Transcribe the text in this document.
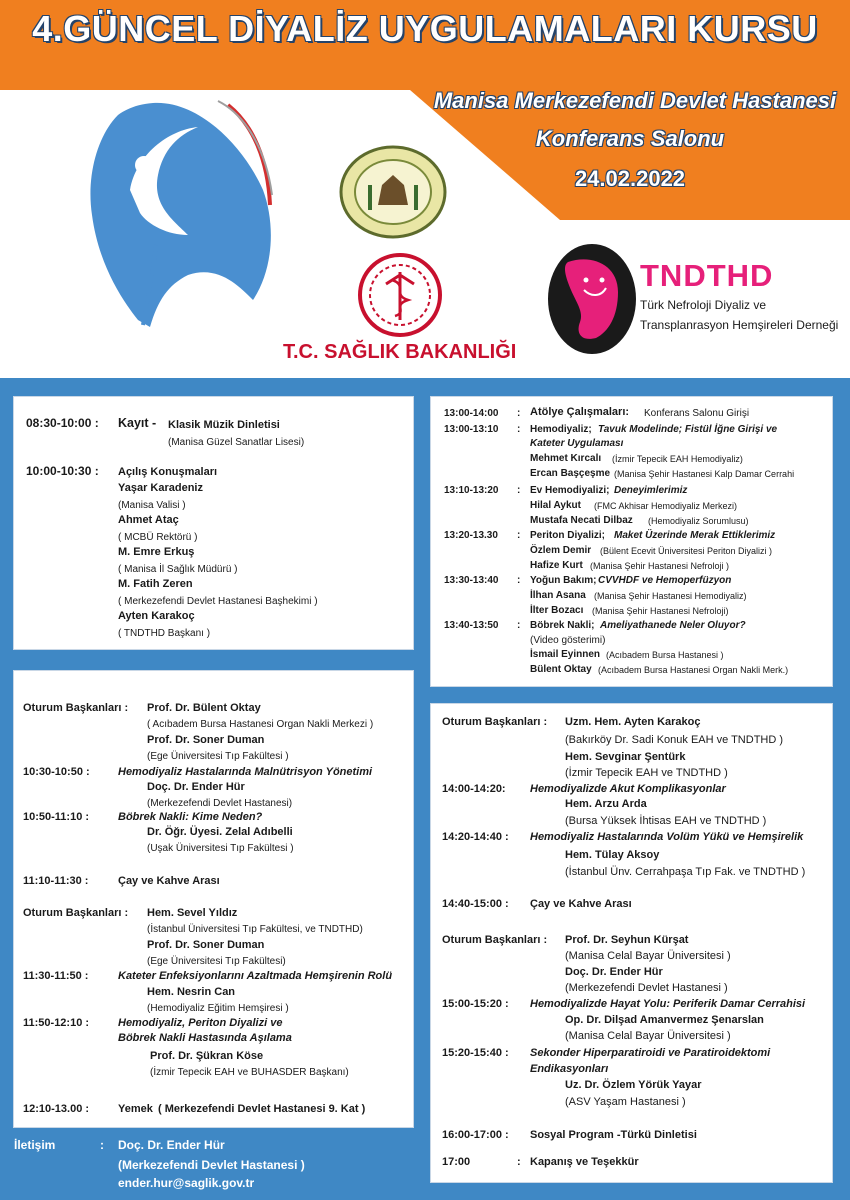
4.GÜNCEL DİYALİZ UYGULAMALARI KURSU
Manisa Merkezefendi Devlet Hastanesi
Konferans Salonu
24.02.2022
T.C. SAĞLIK BAKANLIĞI
TNDTHD
Türk Nefroloji Diyaliz ve
Transplanrasyon Hemşireleri Derneği
08:30-10:00 : Kayıt - Klasik Müzik Dinletisi
(Manisa Güzel Sanatlar Lisesi)
10:00-10:30 : Açılış Konuşmaları
Yaşar Karadeniz
(Manisa Valisi )
Ahmet Ataç
( MCBÜ Rektörü )
M. Emre Erkuş
( Manisa İl Sağlık Müdürü )
M. Fatih Zeren
( Merkezefendi Devlet Hastanesi Başhekimi )
Ayten Karakoç
( TNDTHD Başkanı )
13:00-14:00 : Atölye Çalışmaları: Konferans Salonu Girişi
13:00-13:10 : Hemodiyaliz; Tavuk Modelinde; Fistül İğne Girişi ve
Kateter Uygulaması
Mehmet Kırcalı (İzmir Tepecik EAH Hemodiyaliz)
Ercan Başçeşme (Manisa Şehir Hastanesi Kalp Damar Cerrahi
13:10-13:20 : Ev Hemodiyalizi; Deneyimlerimiz
Hilal Aykut (FMC Akhisar Hemodiyaliz Merkezi)
Mustafa Necati Dilbaz (Hemodiyaliz Sorumlusu)
13:20-13.30 : Periton Diyalizi; Maket Üzerinde Merak Ettiklerimiz
Özlem Demir (Bülent Ecevit Üniversitesi Periton Diyalizi )
Hafize Kurt (Manisa Şehir Hastanesi Nefroloji )
13:30-13:40 : Yoğun Bakım; CVVHDF ve Hemoperfüzyon
İlhan Asana (Manisa Şehir Hastanesi Hemodiyaliz)
İlter Bozacı (Manisa Şehir Hastanesi Nefroloji)
13:40-13:50 : Böbrek Nakli; Ameliyathanede Neler Oluyor?
(Video gösterimi)
İsmail Eyinnen (Acıbadem Bursa Hastanesi )
Bülent Oktay (Acıbadem Bursa Hastanesi Organ Nakli Merk.)
Oturum Başkanları : Prof. Dr. Bülent Oktay
( Acıbadem Bursa Hastanesi Organ Nakli Merkezi )
Prof. Dr. Soner Duman
(Ege Üniversitesi Tıp Fakültesi )
10:30-10:50 :	Hemodiyaliz Hastalarında Malnütrisyon Yönetimi
Doç. Dr. Ender Hür
(Merkezefendi Devlet Hastanesi)
10:50-11:10 :	Böbrek Nakli: Kime Neden?
Dr. Öğr. Üyesi. Zelal Adıbelli
(Uşak Üniversitesi Tıp Fakültesi )
11:10-11:30 :	Çay ve Kahve Arası
Oturum Başkanları : Hem. Sevel Yıldız
(İstanbul Üniversitesi Tıp Fakültesi, ve TNDTHD)
Prof. Dr. Soner Duman
(Ege Üniversitesi Tıp Fakültesi)
11:30-11:50 :	Kateter Enfeksiyonlarını Azaltmada Hemşirenin Rolü
Hem. Nesrin Can
(Hemodiyaliz Eğitim Hemşiresi )
11:50-12:10 :	Hemodiyaliz, Periton Diyalizi ve
Böbrek Nakli Hastasında Aşılama
Prof. Dr. Şükran Köse
(İzmir Tepecik EAH ve BUHASDER Başkanı)
12:10-13.00 :	Yemek ( Merkezefendi Devlet Hastanesi 9. Kat )
Oturum Başkanları : Uzm. Hem. Ayten Karakoç
(Bakırköy Dr. Sadi Konuk EAH ve TNDTHD )
Hem. Sevginar Şentürk
(İzmir Tepecik EAH ve TNDTHD )
14:00-14:20: Hemodiyalizde Akut Komplikasyonlar
Hem. Arzu Arda
(Bursa Yüksek İhtisas EAH ve TNDTHD )
14:20-14:40 : Hemodiyaliz Hastalarında Volüm Yükü ve Hemşirelik
Hem. Tülay Aksoy
(İstanbul Ünv. Cerrahpaşa Tıp Fak. ve TNDTHD )
14:40-15:00 : Çay ve Kahve Arası
Oturum Başkanları : Prof. Dr. Seyhun Kürşat
(Manisa Celal Bayar Üniversitesi )
Doç. Dr. Ender Hür
(Merkezefendi Devlet Hastanesi )
15:00-15:20 : Hemodiyalizde Hayat Yolu: Periferik Damar Cerrahisi
Op. Dr. Dilşad Amanvermez Şenarslan
(Manisa Celal Bayar Üniversitesi )
15:20-15:40 : Sekonder Hiperparatiroidi ve Paratiroidektomi
Endikasyonları
Uz. Dr. Özlem Yörük Yayar
(ASV Yaşam Hastanesi )
16:00-17:00 : Sosyal Program -Türkü Dinletisi
17:00	: Kapanış ve Teşekkür
İletişim	: Doç. Dr. Ender Hür
(Merkezefendi Devlet Hastanesi )
ender.hur@saglik.gov.tr
